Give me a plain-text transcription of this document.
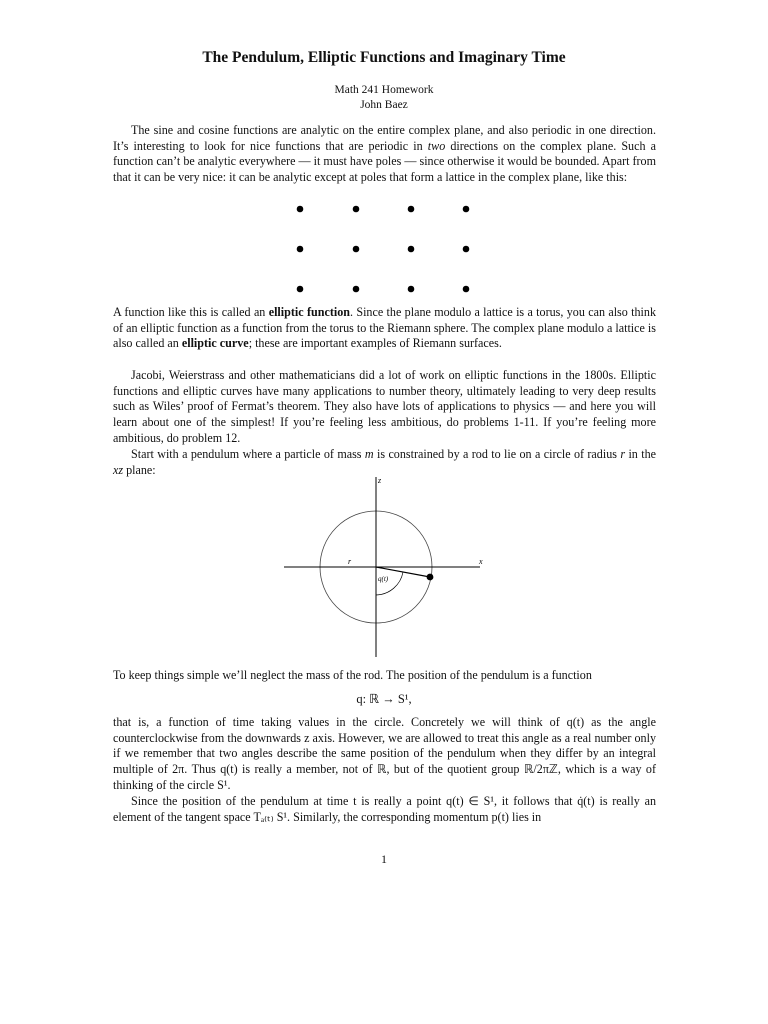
The Pendulum, Elliptic Functions and Imaginary Time
Math 241 Homework
John Baez

The sine and cosine functions are analytic on the entire complex plane, and also periodic in one direction. It’s interesting to look for nice functions that are periodic in two directions on the complex plane. Such a function can’t be analytic everywhere — it must have poles — since otherwise it would be bounded. Apart from that it can be very nice: it can be analytic except at poles that form a lattice in the complex plane, like this:

A function like this is called an elliptic function. Since the plane modulo a lattice is a torus, you can also think of an elliptic function as a function from the torus to the Riemann sphere. The complex plane modulo a lattice is also called an elliptic curve; these are important examples of Riemann surfaces.

Jacobi, Weierstrass and other mathematicians did a lot of work on elliptic functions in the 1800s. Elliptic functions and elliptic curves have many applications to number theory, ultimately leading to very deep results such as Wiles’ proof of Fermat’s theorem. They also have lots of applications to physics — and here you will learn about one of the simplest! If you’re feeling less ambitious, do problems 1-11. If you’re feeling more ambitious, do problem 12.

Start with a pendulum where a particle of mass m is constrained by a rod to lie on a circle of radius r in the xz plane:

z
x
r
q(t)

To keep things simple we’ll neglect the mass of the rod. The position of the pendulum is a function

q: ℝ → S¹,

that is, a function of time taking values in the circle. Concretely we will think of q(t) as the angle counterclockwise from the downwards z axis. However, we are allowed to treat this angle as a real number only if we remember that two angles describe the same position of the pendulum when they differ by an integral multiple of 2π. Thus q(t) is really a member, not of ℝ, but of the quotient group ℝ/2πℤ, which is a way of thinking of the circle S¹.

Since the position of the pendulum at time t is really a point q(t) ∈ S¹, it follows that q̇(t) is really an element of the tangent space Tₐ₍ₜ₎ S¹. Similarly, the corresponding momentum p(t) lies in

1
